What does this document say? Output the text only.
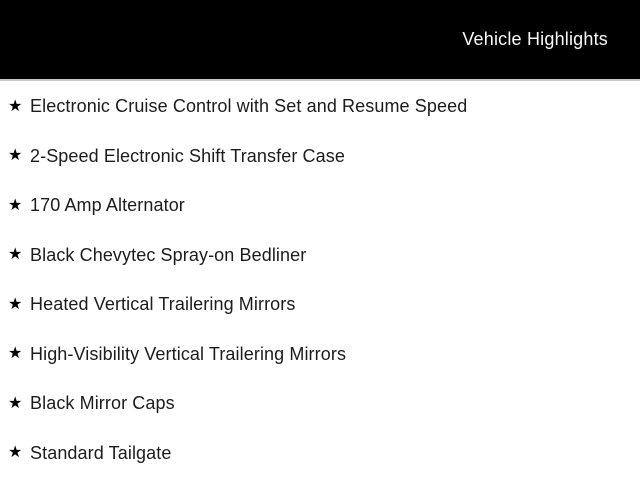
Vehicle Highlights
★ Electronic Cruise Control with Set and Resume Speed
★ 2-Speed Electronic Shift Transfer Case
★ 170 Amp Alternator
★ Black Chevytec Spray-on Bedliner
★ Heated Vertical Trailering Mirrors
★ High-Visibility Vertical Trailering Mirrors
★ Black Mirror Caps
★ Standard Tailgate
